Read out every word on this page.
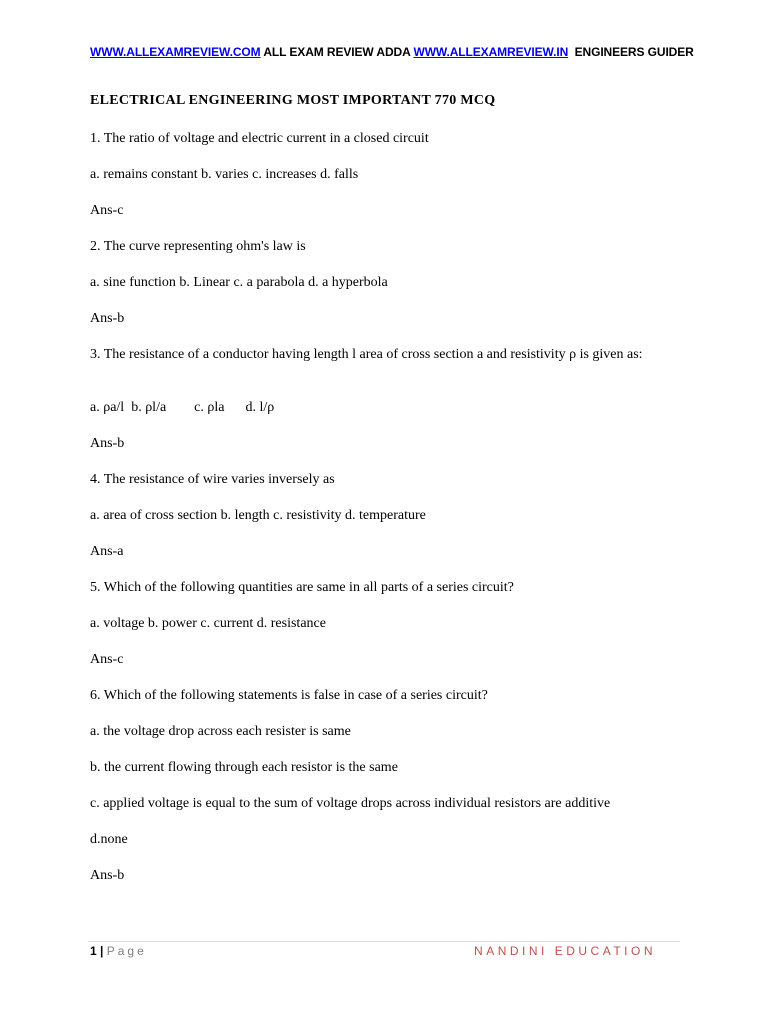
WWW.ALLEXAMREVIEW.COM ALL EXAM REVIEW ADDA WWW.ALLEXAMREVIEW.IN  ENGINEERS GUIDER
ELECTRICAL ENGINEERING MOST IMPORTANT 770 MCQ
1. The ratio of voltage and electric current in a closed circuit
a. remains constant b. varies c. increases d. falls
Ans-c
2. The curve representing ohm's law is
a. sine function b. Linear c. a parabola d. a hyperbola
Ans-b
3. The resistance of a conductor having length l area of cross section a and resistivity ρ is given as:
a. ρa/l  b. ρl/a        c. ρla      d. l/ρ
Ans-b
4. The resistance of wire varies inversely as
a. area of cross section b. length c. resistivity d. temperature
Ans-a
5. Which of the following quantities are same in all parts of a series circuit?
a. voltage b. power c. current d. resistance
Ans-c
6. Which of the following statements is false in case of a series circuit?
a. the voltage drop across each resister is same
b. the current flowing through each resistor is the same
c. applied voltage is equal to the sum of voltage drops across individual resistors are additive
d.none
Ans-b
1 | Page	NANDINI EDUCATION
